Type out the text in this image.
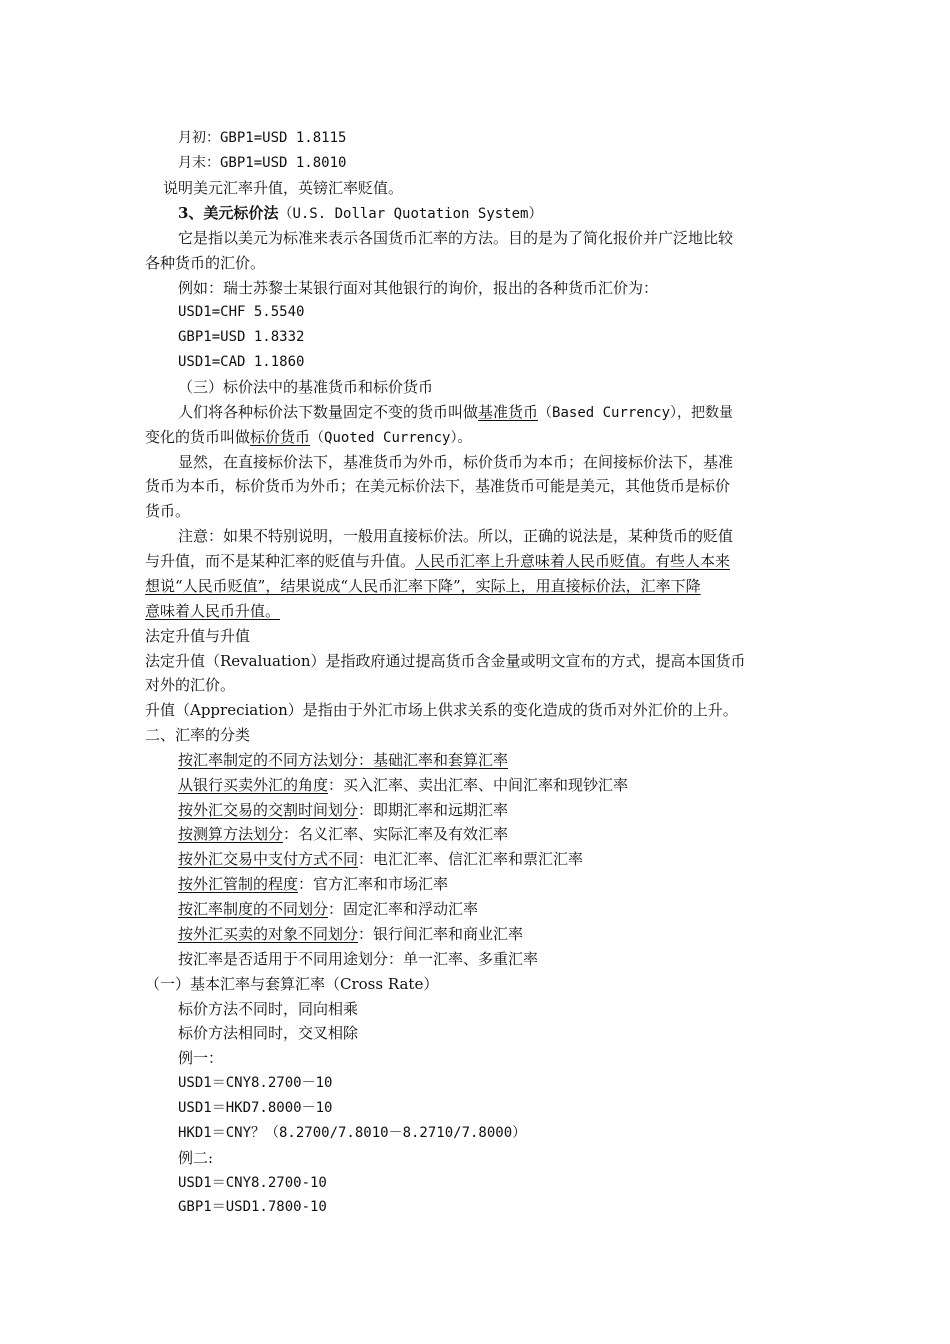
月初：GBP1=USD 1.8115
月末：GBP1=USD 1.8010
说明美元汇率升值，英镑汇率贬值。
3、美元标价法（U.S. Dollar Quotation System）
它是指以美元为标准来表示各国货币汇率的方法。目的是为了简化报价并广泛地比较
各种货币的汇价。
例如：瑞士苏黎士某银行面对其他银行的询价，报出的各种货币汇价为：
USD1=CHF 5.5540
GBP1=USD 1.8332
USD1=CAD 1.1860
（三）标价法中的基准货币和标价货币
人们将各种标价法下数量固定不变的货币叫做基准货币（Based Currency），把数量
变化的货币叫做标价货币（Quoted Currency）。
显然，在直接标价法下，基准货币为外币，标价货币为本币；在间接标价法下，基准
货币为本币，标价货币为外币；在美元标价法下，基准货币可能是美元，其他货币是标价
货币。
注意：如果不特别说明，一般用直接标价法。所以，正确的说法是，某种货币的贬值
与升值，而不是某种汇率的贬值与升值。人民币汇率上升意味着人民币贬值。有些人本来
想说“人民币贬值”，结果说成“人民币汇率下降”，实际上，用直接标价法，汇率下降
意味着人民币升值。
法定升值与升值
法定升值（Revaluation）是指政府通过提高货币含金量或明文宣布的方式，提高本国货币
对外的汇价。
升值（Appreciation）是指由于外汇市场上供求关系的变化造成的货币对外汇价的上升。
二、汇率的分类
按汇率制定的不同方法划分：基础汇率和套算汇率
从银行买卖外汇的角度：买入汇率、卖出汇率、中间汇率和现钞汇率
按外汇交易的交割时间划分：即期汇率和远期汇率
按测算方法划分：名义汇率、实际汇率及有效汇率
按外汇交易中支付方式不同：电汇汇率、信汇汇率和票汇汇率
按外汇管制的程度：官方汇率和市场汇率
按汇率制度的不同划分：固定汇率和浮动汇率
按外汇买卖的对象不同划分：银行间汇率和商业汇率
按汇率是否适用于不同用途划分：单一汇率、多重汇率
（一）基本汇率与套算汇率（Cross Rate）
标价方法不同时，同向相乘
标价方法相同时，交叉相除
例一：
USD1＝CNY8.2700－10
USD1＝HKD7.8000－10
HKD1＝CNY？（8.2700/7.8010－8.2710/7.8000）
例二:
USD1＝CNY8.2700-10
GBP1＝USD1.7800-10
